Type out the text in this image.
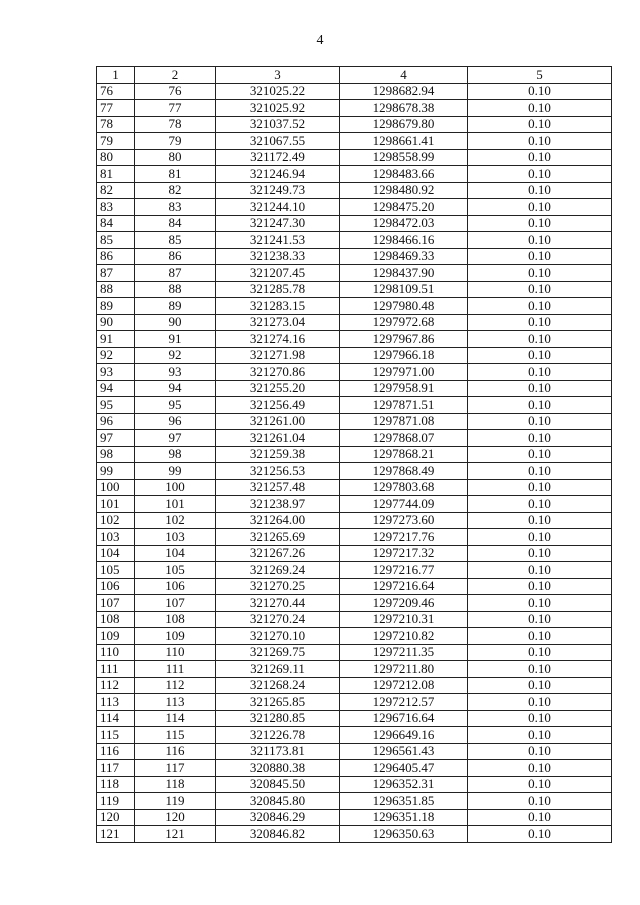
4
1	2	3	4	5
76	76	321025.22	1298682.94	0.10
77	77	321025.92	1298678.38	0.10
78	78	321037.52	1298679.80	0.10
79	79	321067.55	1298661.41	0.10
80	80	321172.49	1298558.99	0.10
81	81	321246.94	1298483.66	0.10
82	82	321249.73	1298480.92	0.10
83	83	321244.10	1298475.20	0.10
84	84	321247.30	1298472.03	0.10
85	85	321241.53	1298466.16	0.10
86	86	321238.33	1298469.33	0.10
87	87	321207.45	1298437.90	0.10
88	88	321285.78	1298109.51	0.10
89	89	321283.15	1297980.48	0.10
90	90	321273.04	1297972.68	0.10
91	91	321274.16	1297967.86	0.10
92	92	321271.98	1297966.18	0.10
93	93	321270.86	1297971.00	0.10
94	94	321255.20	1297958.91	0.10
95	95	321256.49	1297871.51	0.10
96	96	321261.00	1297871.08	0.10
97	97	321261.04	1297868.07	0.10
98	98	321259.38	1297868.21	0.10
99	99	321256.53	1297868.49	0.10
100	100	321257.48	1297803.68	0.10
101	101	321238.97	1297744.09	0.10
102	102	321264.00	1297273.60	0.10
103	103	321265.69	1297217.76	0.10
104	104	321267.26	1297217.32	0.10
105	105	321269.24	1297216.77	0.10
106	106	321270.25	1297216.64	0.10
107	107	321270.44	1297209.46	0.10
108	108	321270.24	1297210.31	0.10
109	109	321270.10	1297210.82	0.10
110	110	321269.75	1297211.35	0.10
111	111	321269.11	1297211.80	0.10
112	112	321268.24	1297212.08	0.10
113	113	321265.85	1297212.57	0.10
114	114	321280.85	1296716.64	0.10
115	115	321226.78	1296649.16	0.10
116	116	321173.81	1296561.43	0.10
117	117	320880.38	1296405.47	0.10
118	118	320845.50	1296352.31	0.10
119	119	320845.80	1296351.85	0.10
120	120	320846.29	1296351.18	0.10
121	121	320846.82	1296350.63	0.10
